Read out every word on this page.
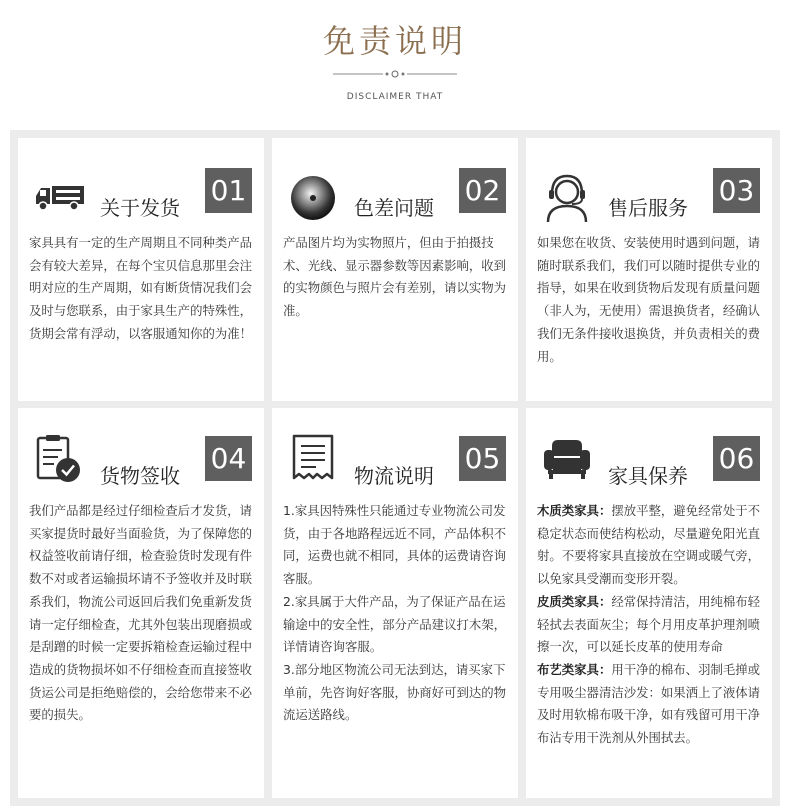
免责说明
DISCLAIMER THAT
关于发货
01

家具具有一定的生产周期且不同种类产品会有较大差异，在每个宝贝信息那里会注明对应的生产周期，如有断货情况我们会及时与您联系，由于家具生产的特殊性，货期会常有浮动，以客服通知你的为准！

色差问题
02

产品图片均为实物照片，但由于拍摄技术、光线、显示器参数等因素影响，收到的实物颜色与照片会有差别，请以实物为准。

售后服务
03

如果您在收货、安装使用时遇到问题，请随时联系我们，我们可以随时提供专业的指导，如果在收到货物后发现有质量问题 （非人为，无使用）需退换货者，经确认我们无条件接收退换货，并负责相关的费用。

货物签收
04

我们产品都是经过仔细检查后才发货，请买家提货时最好当面验货，为了保障您的权益签收前请仔细，检查验货时发现有件数不对或者运输损坏请不予签收并及时联系我们，物流公司返回后我们免重新发货请一定仔细检查，尤其外包装出现磨损或是刮蹭的时候一定要拆箱检查运输过程中造成的货物损坏如不仔细检查而直接签收货运公司是拒绝赔偿的，会给您带来不必要的损失。

物流说明
05

1.家具因特殊性只能通过专业物流公司发货，由于各地路程远近不同，产品体积不同，运费也就不相同，具体的运费请咨询客服。

2.家具属于大件产品，为了保证产品在运输途中的安全性，部分产品建议打木架，详情请咨询客服。

3.部分地区物流公司无法到达，请买家下单前，先咨询好客服，协商好可到达的物流运送路线。

家具保养
06

木质类家具：摆放平整，避免经常处于不稳定状态而使结构松动，尽量避免阳光直射。不要将家具直接放在空调或暖气旁，以免家具受潮而变形开裂。

皮质类家具：经常保持清洁，用纯棉布轻轻拭去表面灰尘；每个月用皮革护理剂喷擦一次，可以延长皮革的使用寿命

布艺类家具：用干净的棉布、羽制毛掸或专用吸尘器清洁沙发：如果洒上了液体请及时用软棉布吸干净，如有残留可用干净布沾专用干洗剂从外围拭去。
